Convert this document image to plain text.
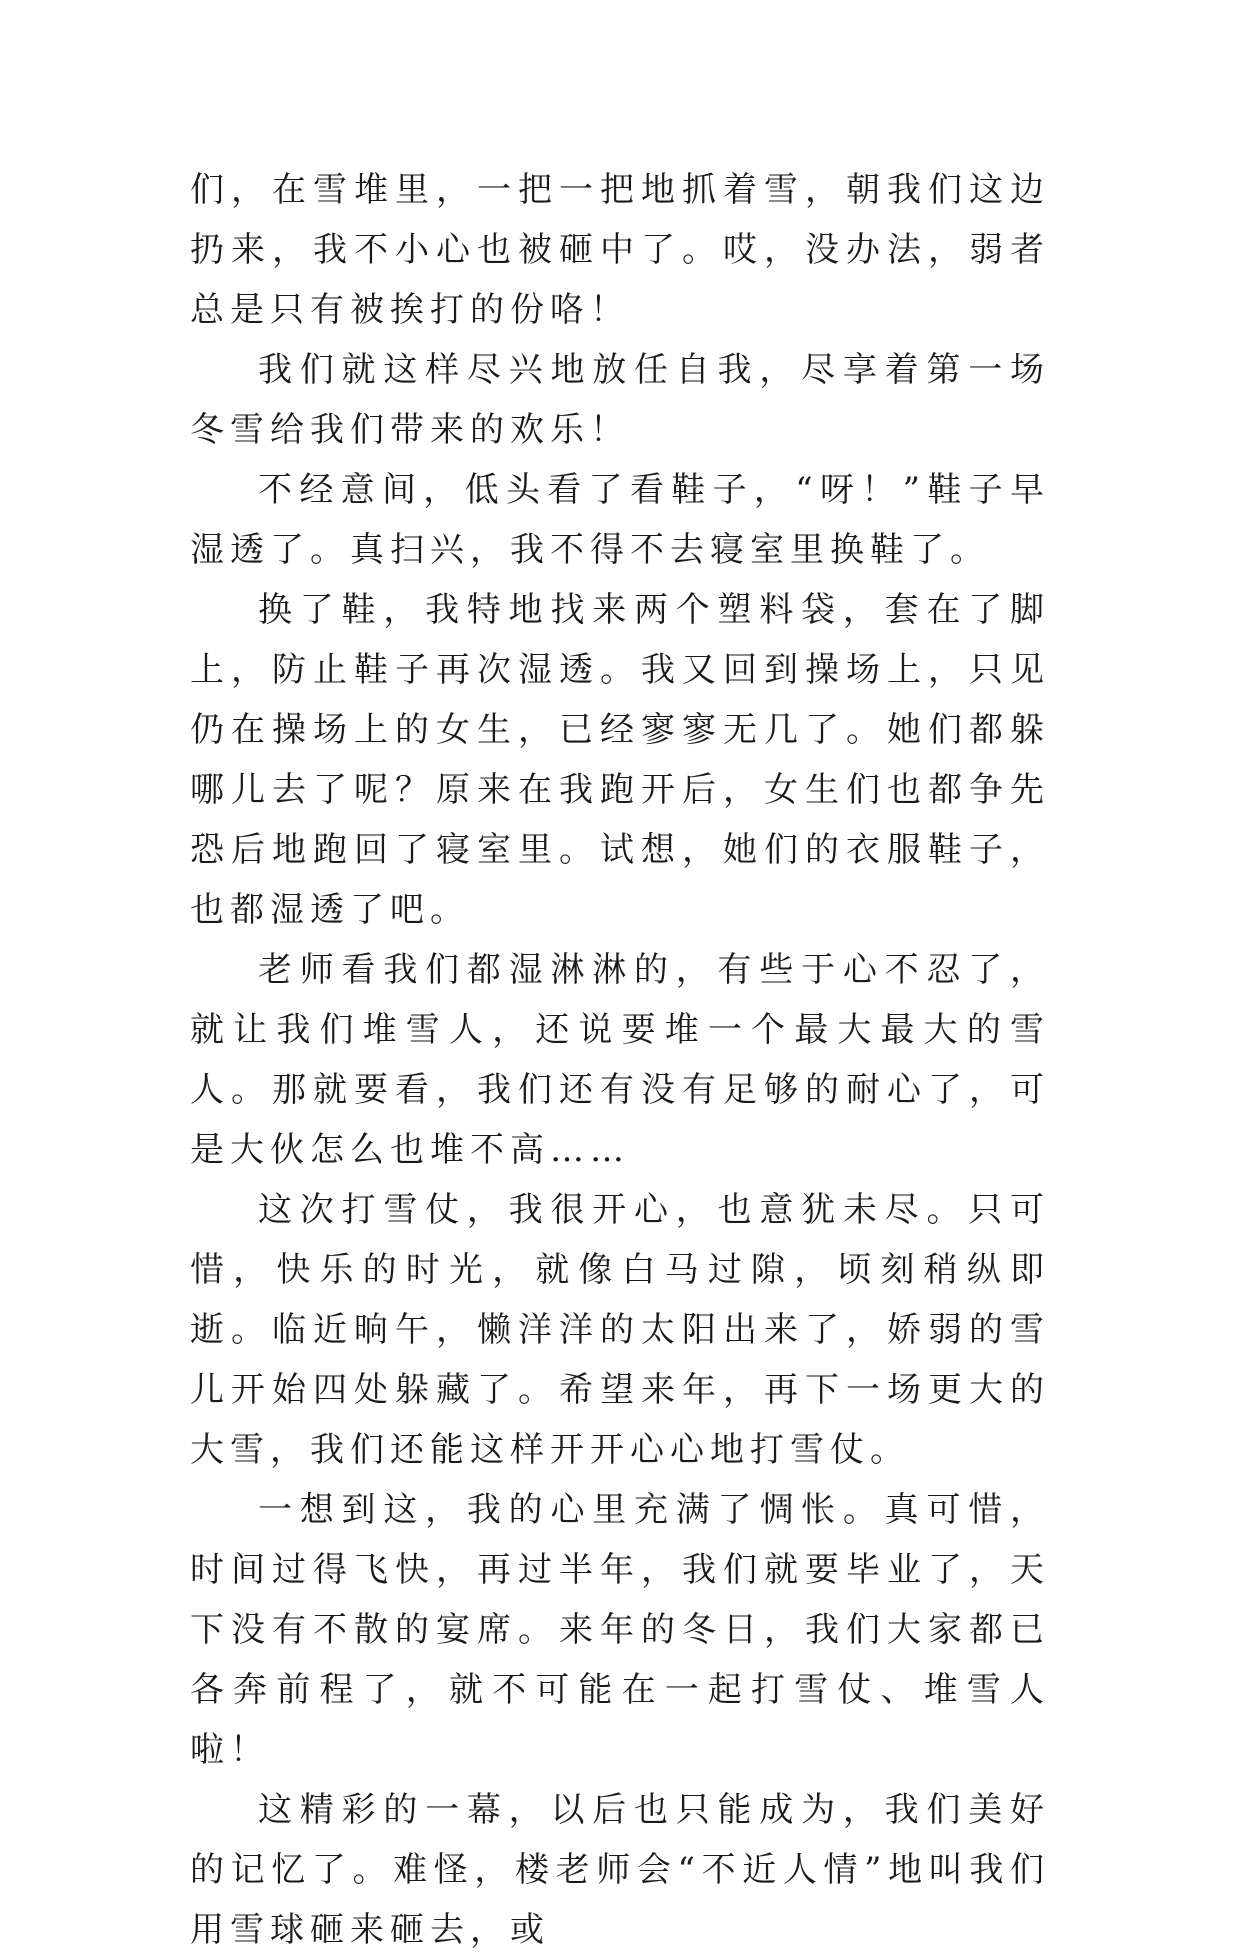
们，在雪堆里，一把一把地抓着雪，朝我们这边扔来，我不小心也被砸中了。哎，没办法，弱者总是只有被挨打的份咯！

我们就这样尽兴地放任自我，尽享着第一场冬雪给我们带来的欢乐！

不经意间，低头看了看鞋子，“呀！”鞋子早湿透了。真扫兴，我不得不去寝室里换鞋了。

换了鞋，我特地找来两个塑料袋，套在了脚上，防止鞋子再次湿透。我又回到操场上，只见仍在操场上的女生，已经寥寥无几了。她们都躲哪儿去了呢？原来在我跑开后，女生们也都争先恐后地跑回了寝室里。试想，她们的衣服鞋子，也都湿透了吧。

老师看我们都湿淋淋的，有些于心不忍了，就让我们堆雪人，还说要堆一个最大最大的雪人。那就要看，我们还有没有足够的耐心了，可是大伙怎么也堆不高……

这次打雪仗，我很开心，也意犹未尽。只可惜，快乐的时光，就像白马过隙，顷刻稍纵即逝。临近晌午，懒洋洋的太阳出来了，娇弱的雪儿开始四处躲藏了。希望来年，再下一场更大的大雪，我们还能这样开开心心地打雪仗。

一想到这，我的心里充满了惆怅。真可惜，时间过得飞快，再过半年，我们就要毕业了，天下没有不散的宴席。来年的冬日，我们大家都已各奔前程了，就不可能在一起打雪仗、堆雪人啦！

这精彩的一幕，以后也只能成为，我们美好的记忆了。难怪，楼老师会“不近人情”地叫我们用雪球砸来砸去，或
